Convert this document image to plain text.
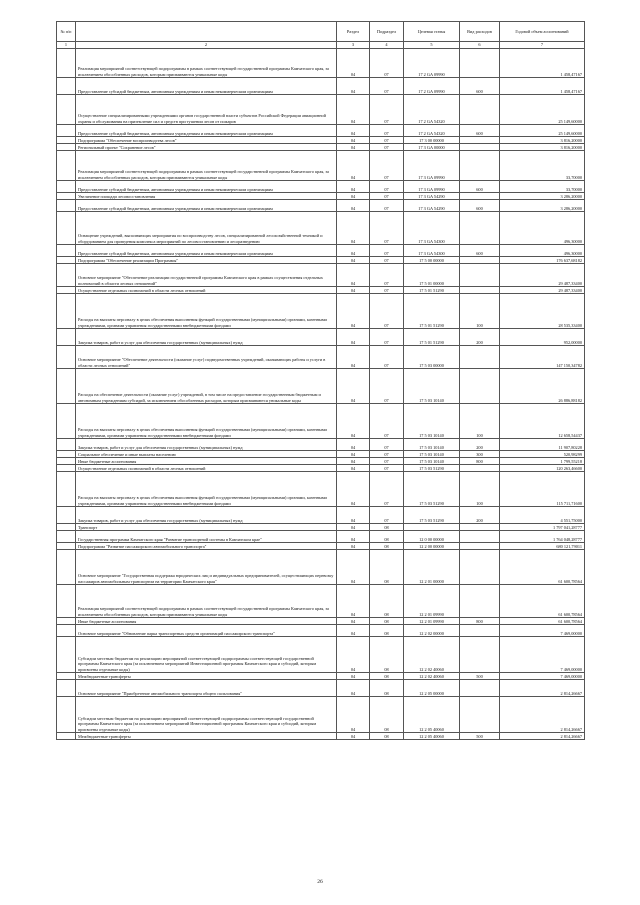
№ п/п		Раздел	Подраздел	Целевая статья	Вид расходов	Годовой объем ассигнований
1	2	3	4	5	6	7
	Реализация мероприятий соответствующей подпрограммы в рамках соответствующей государственной программы Камчатского края, за исключением обособленных расходов, которым присваиваются уникальные коды	04	07	17 2 GA 09990		1 458,47167
	Предоставление субсидий бюджетным, автономным учреждениям и иным некоммерческим организациям	04	07	17 2 GA 09990	600	1 458,47167
	Осуществление специализированными учреждениями органов государственной власти субъектов Российской Федерации авиационной охраны и обслуживания на приземление сил и средств при тушении лесов от пожаров	04	07	17 2 GA 54320		25 149,60000
	Предоставление субсидий бюджетным, автономным учреждениям и иным некоммерческим организациям	04	07	17 2 GA 54320	600	25 149,60000
	Подпрограмма "Обеспечение воспроизводства лесов"	04	07	17 3 00 00000		3 816,20000
	Региональный проект "Сохранение лесов"	04	07	17 3 GA 00000		3 816,20000
	Реализация мероприятий соответствующей подпрограммы в рамках соответствующей государственной программы Камчатского края, за исключением обособленных расходов, которым присваиваются уникальные коды	04	07	17 3 GA 09990		33,70000
	Предоставление субсидий бюджетным, автономным учреждениям и иным некоммерческим организациям	04	07	17 3 GA 09990	600	33,70000
	Увеличение площади лесовосстановления	04	07	17 3 GA 54290		3 286,20000
	Предоставление субсидий бюджетным, автономным учреждениям и иным некоммерческим организациям	04	07	17 3 GA 54290	600	3 286,20000
	Оснащение учреждений, выполняющих мероприятия по воспроизводству лесов, специализированной лесохозяйственной техникой и оборудованием для проведения комплекса мероприятий по лесовосстановлению и лесоразведению	04	07	17 3 GA 54300		496,30000
	Предоставление субсидий бюджетным, автономным учреждениям и иным некоммерческим организациям	04	07	17 3 GA 54300	600	496,30000
	Подпрограмма "Обеспечение реализации Программы"	04	07	17 5 00 00000		176 637,68182
	Основное мероприятие "Обеспечение реализации государственной программы Камчатского края в рамках осуществления отдельных полномочий в области лесных отношений"	04	07	17 5 01 00000		29 487,33400
	Осуществление отдельных полномочий в области лесных отношений	04	07	17 5 01 51290		29 487,33400
	Расходы на выплаты персоналу в целях обеспечения выполнения функций государственными (муниципальными) органами, казенными учреждениями, органами управления государственными внебюджетными фондами	04	07	17 5 01 51290	100	28 535,33400
	Закупка товаров, работ и услуг для обеспечения государственных (муниципальных) нужд	04	07	17 5 01 51290	200	952,00000
	Основное мероприятие "Обеспечение деятельности (оказание услуг) подведомственных учреждений, оказывающих работы и услуги в области лесных отношений"	04	07	17 5 03 00000		147 150,34782
	Расходы на обеспечение деятельности (оказание услуг) учреждений, в том числе на предоставление государственным бюджетным и автономным учреждениям субсидий, за исключением обособленных расходов, которым присваиваются уникальные коды	04	07	17 5 03 10140		26 886,88182
	Расходы на выплаты персоналу в целях обеспечения выполнения функций государственными (муниципальными) органами, казенными учреждениями, органами управления государственными внебюджетными фондами	04	07	17 5 03 10140	100	12 658,54437
	Закупка товаров, работ и услуг для обеспечения государственных (муниципальных) нужд	04	07	17 5 03 10140	200	11 907,80228
	Социальное обеспечение и иные выплаты населению	04	07	17 5 03 10140	300	520,98299
	Иные бюджетные ассигнования	04	07	17 5 03 10140	800	1 799,55218
	Осуществление отдельных полномочий в области лесных отношений	04	07	17 5 03 51290		120 263,46600
	Расходы на выплаты персоналу в целях обеспечения выполнения функций государственными (муниципальными) органами, казенными учреждениями, органами управления государственными внебюджетными фондами	04	07	17 5 03 51290	100	115 711,71600
	Закупка товаров, работ и услуг для обеспечения государственных (муниципальных) нужд	04	07	17 5 03 51290	200	4 551,75000
	Транспорт	04	08			1 797 041,28777
	Государственная программа Камчатского края "Развитие транспортной системы в Камчатском крае"	04	08	12 0 00 00000		1 764 048,28777
	Подпрограмма "Развитие пассажирского автомобильного транспорта"	04	08	12 2 00 00000		680 121,79011
	Основное мероприятие "Государственная поддержка юридических лиц и индивидуальных предпринимателей, осуществляющих перевозку пассажиров автомобильным транспортом на территории Камчатского края"	04	08	12 2 01 00000		61 600,78564
	Реализация мероприятий соответствующей подпрограммы в рамках соответствующей государственной программы Камчатского края, за исключением обособленных расходов, которым присваиваются уникальные коды	04	08	12 2 01 09990		61 600,78564
	Иные бюджетные ассигнования	04	08	12 2 01 09990	800	61 600,78564
	Основное мероприятие "Обновление парка транспортных средств организаций пассажирского транспорта"	04	08	12 2 02 00000		7 469,00000
	Субсидии местным бюджетам на реализацию мероприятий соответствующей подпрограммы соответствующей государственной программы Камчатского края (за исключением мероприятий Инвестиционной программы Камчатского края и субсидий, которым присвоены отдельные коды)	04	08	12 2 02 40060		7 469,00000
	Межбюджетные трансферты	04	08	12 2 02 40060	500	7 469,00000
	Основное мероприятие "Приобретение автомобильного транспорта общего пользования"	04	08	12 2 05 00000		2 814,26667
	Субсидии местным бюджетам на реализацию мероприятий соответствующей подпрограммы соответствующей государственной программы Камчатского края (за исключением мероприятий Инвестиционной программы Камчатского края и субсидий, которым присвоены отдельные коды)	04	08	12 2 05 40060		2 814,26667
	Межбюджетные трансферты	04	08	12 2 05 40060	500	2 814,26667
26
